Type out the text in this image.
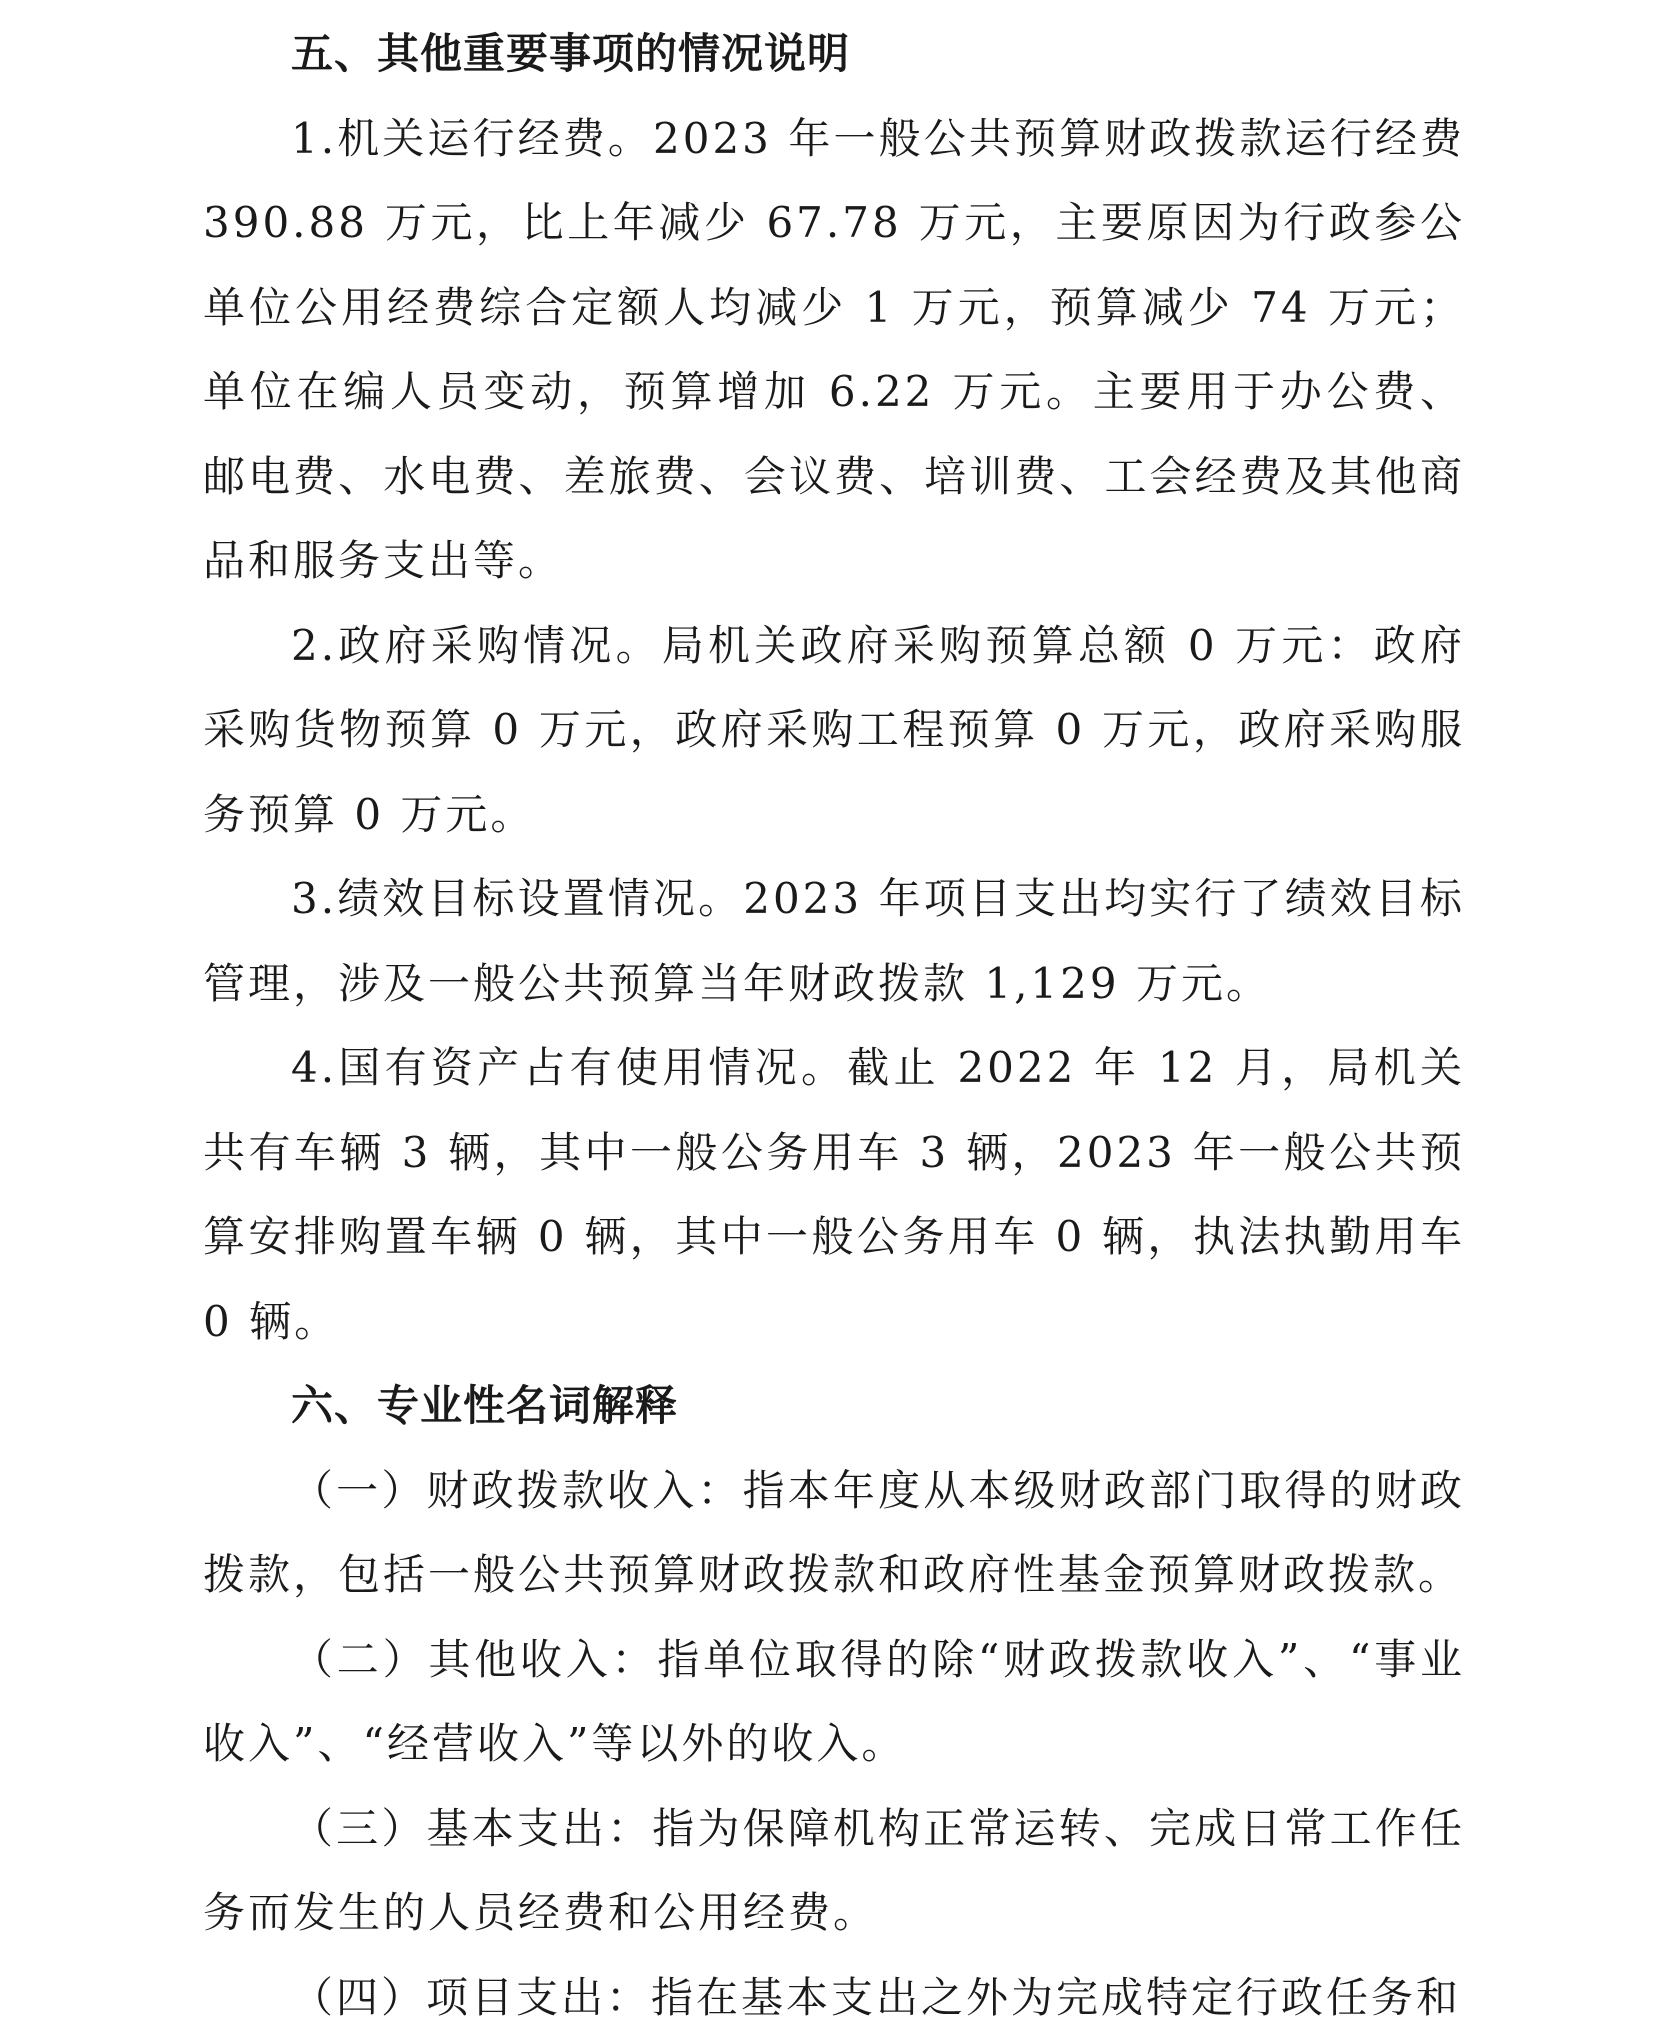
五、其他重要事项的情况说明

1.机关运行经费。2023 年一般公共预算财政拨款运行经费 390.88 万元，比上年减少 67.78 万元，主要原因为行政参公单位公用经费综合定额人均减少 1 万元，预算减少 74 万元；单位在编人员变动，预算增加 6.22 万元。主要用于办公费、邮电费、水电费、差旅费、会议费、培训费、工会经费及其他商品和服务支出等。

2.政府采购情况。局机关政府采购预算总额 0 万元：政府采购货物预算 0 万元，政府采购工程预算 0 万元，政府采购服务预算 0 万元。

3.绩效目标设置情况。2023 年项目支出均实行了绩效目标管理，涉及一般公共预算当年财政拨款 1,129 万元。

4.国有资产占有使用情况。截止 2022 年 12 月，局机关共有车辆 3 辆，其中一般公务用车 3 辆，2023 年一般公共预算安排购置车辆 0 辆，其中一般公务用车 0 辆，执法执勤用车 0 辆。

六、专业性名词解释

（一）财政拨款收入：指本年度从本级财政部门取得的财政拨款，包括一般公共预算财政拨款和政府性基金预算财政拨款。

（二）其他收入：指单位取得的除“财政拨款收入”、“事业收入”、“经营收入”等以外的收入。

（三）基本支出：指为保障机构正常运转、完成日常工作任务而发生的人员经费和公用经费。

（四）项目支出：指在基本支出之外为完成特定行政任务和
